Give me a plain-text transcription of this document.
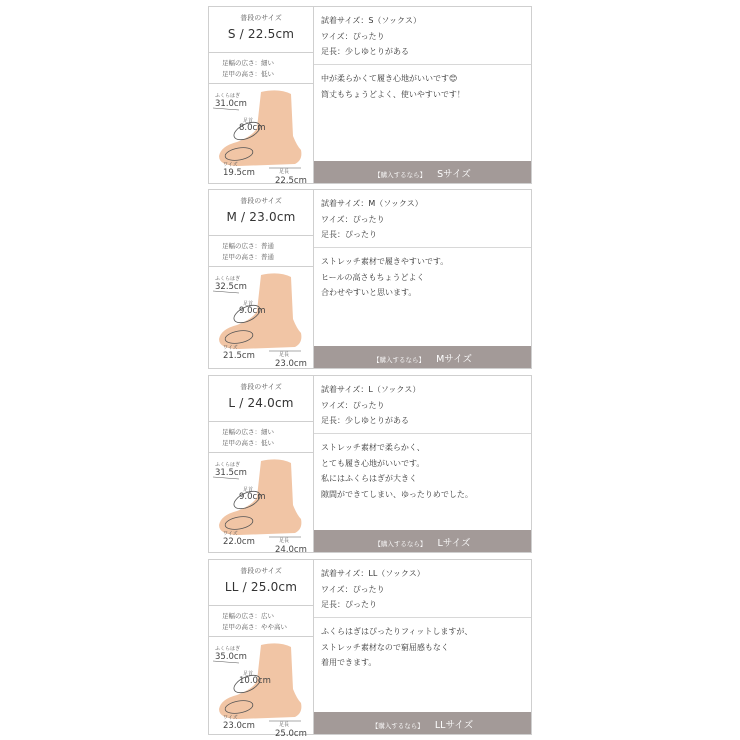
普段のサイズ
S / 22.5cm
足幅の広さ：細い
足甲の高さ：低い
ふくらはぎ
31.0cm
足首
8.0cm
ワイズ
19.5cm	足長
22.5cm
試着サイズ：S（ソックス）
ワイズ：ぴったり
足長：少しゆとりがある
中が柔らかくて履き心地がいいです😊
筒丈もちょうどよく、使いやすいです！
【購入するなら】 Sサイズ
普段のサイズ
M / 23.0cm
足幅の広さ：普通
足甲の高さ：普通
ふくらはぎ
32.5cm
足首
9.0cm
ワイズ
21.5cm	足長
23.0cm
試着サイズ：M（ソックス）
ワイズ：ぴったり
足長：ぴったり
ストレッチ素材で履きやすいです。
ヒールの高さもちょうどよく
合わせやすいと思います。
【購入するなら】 Mサイズ
普段のサイズ
L / 24.0cm
足幅の広さ：細い
足甲の高さ：低い
ふくらはぎ
31.5cm
足首
9.0cm
ワイズ
22.0cm	足長
24.0cm
試着サイズ：L（ソックス）
ワイズ：ぴったり
足長：少しゆとりがある
ストレッチ素材で柔らかく、
とても履き心地がいいです。
私にはふくらはぎが大きく
隙間ができてしまい、ゆったりめでした。
【購入するなら】 Lサイズ
普段のサイズ
LL / 25.0cm
足幅の広さ：広い
足甲の高さ：やや高い
ふくらはぎ
35.0cm
足首
10.0cm
ワイズ
23.0cm	足長
25.0cm
試着サイズ：LL（ソックス）
ワイズ：ぴったり
足長：ぴったり
ふくらはぎはぴったりフィットしますが、
ストレッチ素材なので窮屈感もなく
着用できます。
【購入するなら】 LLサイズ
